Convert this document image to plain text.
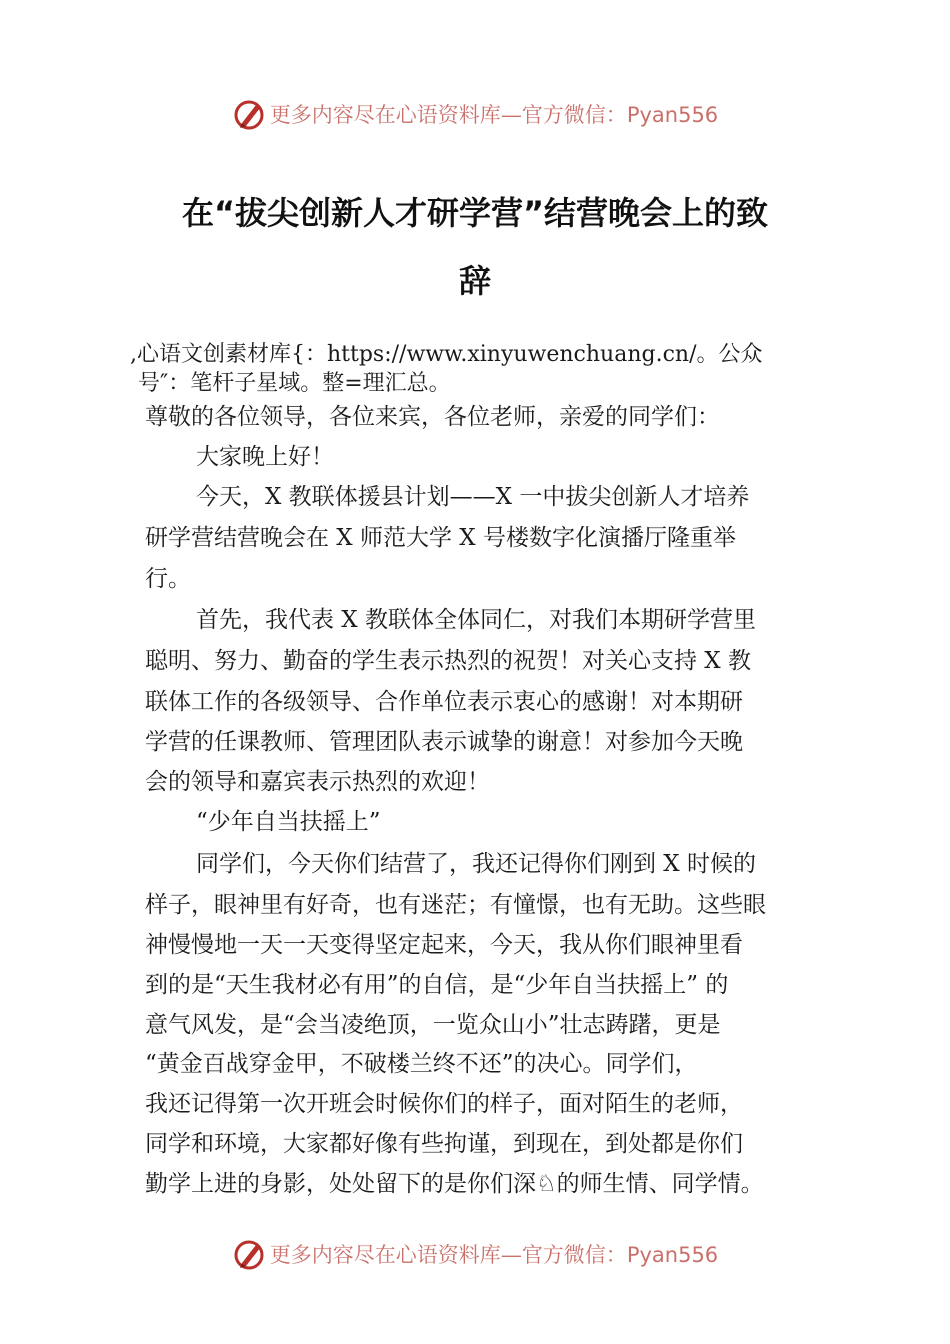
更多内容尽在心语资料库—官方微信：Pyan556
在“拔尖创新人才研学营”结营晚会上的致
辞
,心语文创素材库{：https://www.xinyuwenchuang.cn/。公众
号″：笔杆子星域。整=理汇总。
尊敬的各位领导，各位来宾，各位老师，亲爱的同学们：
大家晚上好！
今天，X 教联体援县计划——X 一中拔尖创新人才培养
研学营结营晚会在 X 师范大学 X 号楼数字化演播厅隆重举
行。
首先，我代表 X 教联体全体同仁，对我们本期研学营里
聪明、努力、勤奋的学生表示热烈的祝贺！对关心支持 X 教
联体工作的各级领导、合作单位表示衷心的感谢！对本期研
学营的任课教师、管理团队表示诚挚的谢意！对参加今天晚
会的领导和嘉宾表示热烈的欢迎！
“少年自当扶摇上”
同学们，今天你们结营了，我还记得你们刚到 X 时候的
样子，眼神里有好奇，也有迷茫；有憧憬，也有无助。这些眼
神慢慢地一天一天变得坚定起来，今天，我从你们眼神里看
到的是“天生我材必有用”的自信，是“少年自当扶摇上” 的
意气风发，是“会当凌绝顶，一览众山小”壮志踌躇，更是
“黄金百战穿金甲，不破楼兰终不还”的决心。同学们，
我还记得第一次开班会时候你们的样子，面对陌生的老师，
同学和环境，大家都好像有些拘谨，到现在，到处都是你们
勤学上进的身影，处处留下的是你们深♘的师生情、同学情。
更多内容尽在心语资料库—官方微信：Pyan556
